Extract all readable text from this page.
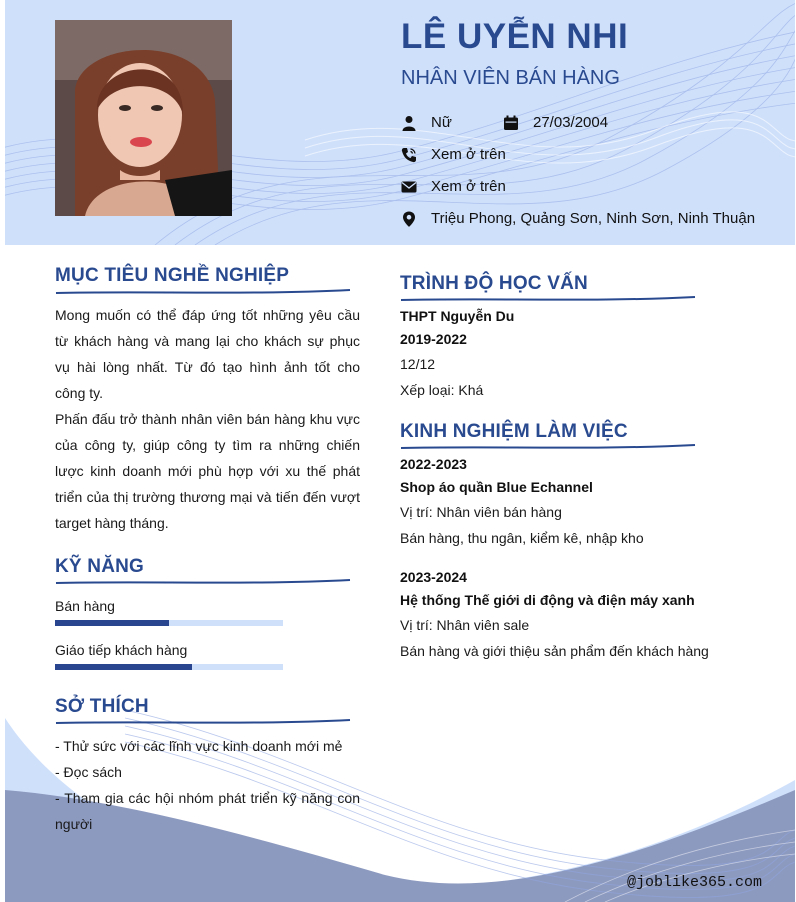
LÊ UYỄN NHI
NHÂN VIÊN BÁN HÀNG
Nữ	27/03/2004
Xem ở trên
Xem ở trên
Triệu Phong, Quảng Sơn, Ninh Sơn, Ninh Thuận
MỤC TIÊU NGHỀ NGHIỆP

Mong muốn có thể đáp ứng tốt những yêu cầu từ khách hàng và mang lại cho khách sự phục vụ hài lòng nhất. Từ đó tạo hình ảnh tốt cho công ty.

Phấn đấu trở thành nhân viên bán hàng khu vực của công ty, giúp công ty tìm ra những chiến lược kinh doanh mới phù hợp với xu thế phát triển của thị trường thương mại và tiến đến vượt target hàng tháng.

KỸ NĂNG

Bán hàng

Giáo tiếp khách hàng

SỞ THÍCH

- Thử sức với các lĩnh vực kinh doanh mới mẻ

- Đọc sách

- Tham gia các hội nhóm phát triển kỹ năng con người

TRÌNH ĐỘ HỌC VẤN

THPT Nguyễn Du

2019-2022

12/12

Xếp loại: Khá

KINH NGHIỆM LÀM VIỆC

2022-2023

Shop áo quần Blue Echannel

Vị trí: Nhân viên bán hàng

Bán hàng, thu ngân, kiểm kê, nhập kho

2023-2024

Hệ thống Thế giới di động và điện máy xanh

Vị trí: Nhân viên sale

Bán hàng và giới thiệu sản phẩm đến khách hàng

@joblike365.com
